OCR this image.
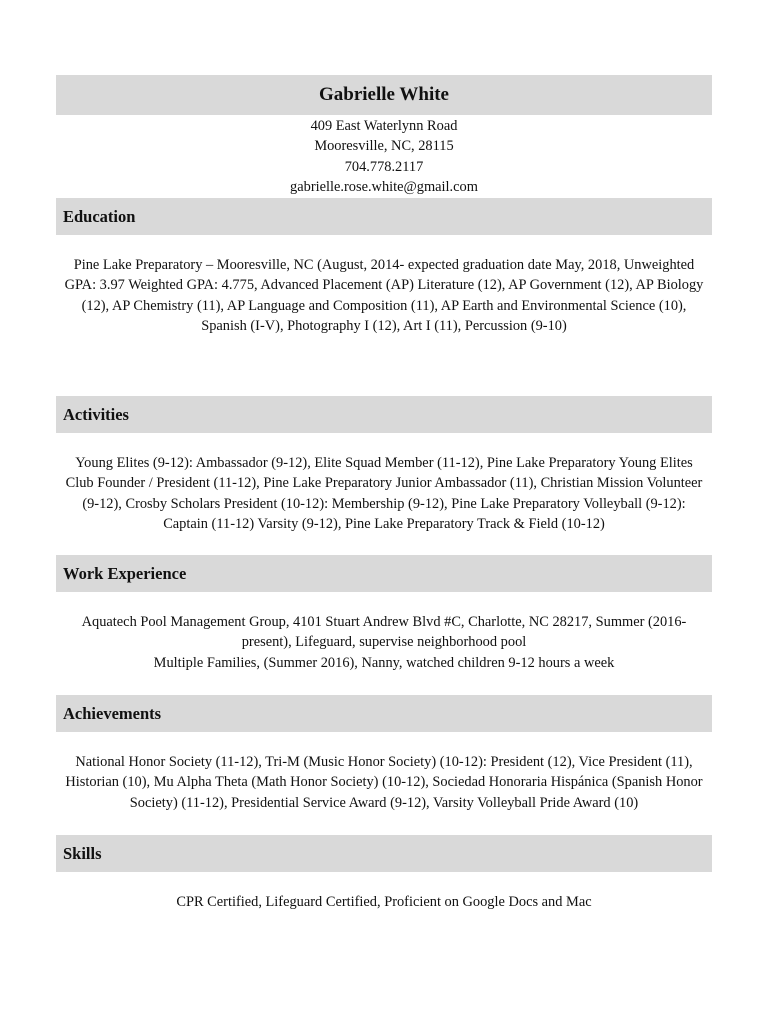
Gabrielle White
409 East Waterlynn Road
Mooresville, NC, 28115
704.778.2117
gabrielle.rose.white@gmail.com
Education
Pine Lake Preparatory – Mooresville, NC (August, 2014- expected graduation date May, 2018, Unweighted GPA: 3.97 Weighted GPA: 4.775, Advanced Placement (AP) Literature (12), AP Government (12), AP Biology (12), AP Chemistry (11), AP Language and Composition (11), AP Earth and Environmental Science (10), Spanish (I-V), Photography I (12), Art I (11), Percussion (9-10)
Activities
Young Elites (9-12): Ambassador (9-12), Elite Squad Member (11-12), Pine Lake Preparatory Young Elites Club Founder / President (11-12), Pine Lake Preparatory Junior Ambassador (11), Christian Mission Volunteer (9-12), Crosby Scholars President (10-12): Membership (9-12), Pine Lake Preparatory Volleyball (9-12): Captain (11-12) Varsity (9-12), Pine Lake Preparatory Track & Field (10-12)
Work Experience
Aquatech Pool Management Group, 4101 Stuart Andrew Blvd #C, Charlotte, NC 28217, Summer (2016-present), Lifeguard, supervise neighborhood pool
Multiple Families, (Summer 2016), Nanny, watched children 9-12 hours a week
Achievements
National Honor Society (11-12), Tri-M (Music Honor Society) (10-12): President (12), Vice President (11), Historian (10), Mu Alpha Theta (Math Honor Society) (10-12), Sociedad Honoraria Hispánica (Spanish Honor Society) (11-12), Presidential Service Award (9-12), Varsity Volleyball Pride Award (10)
Skills
CPR Certified, Lifeguard Certified, Proficient on Google Docs and Mac
